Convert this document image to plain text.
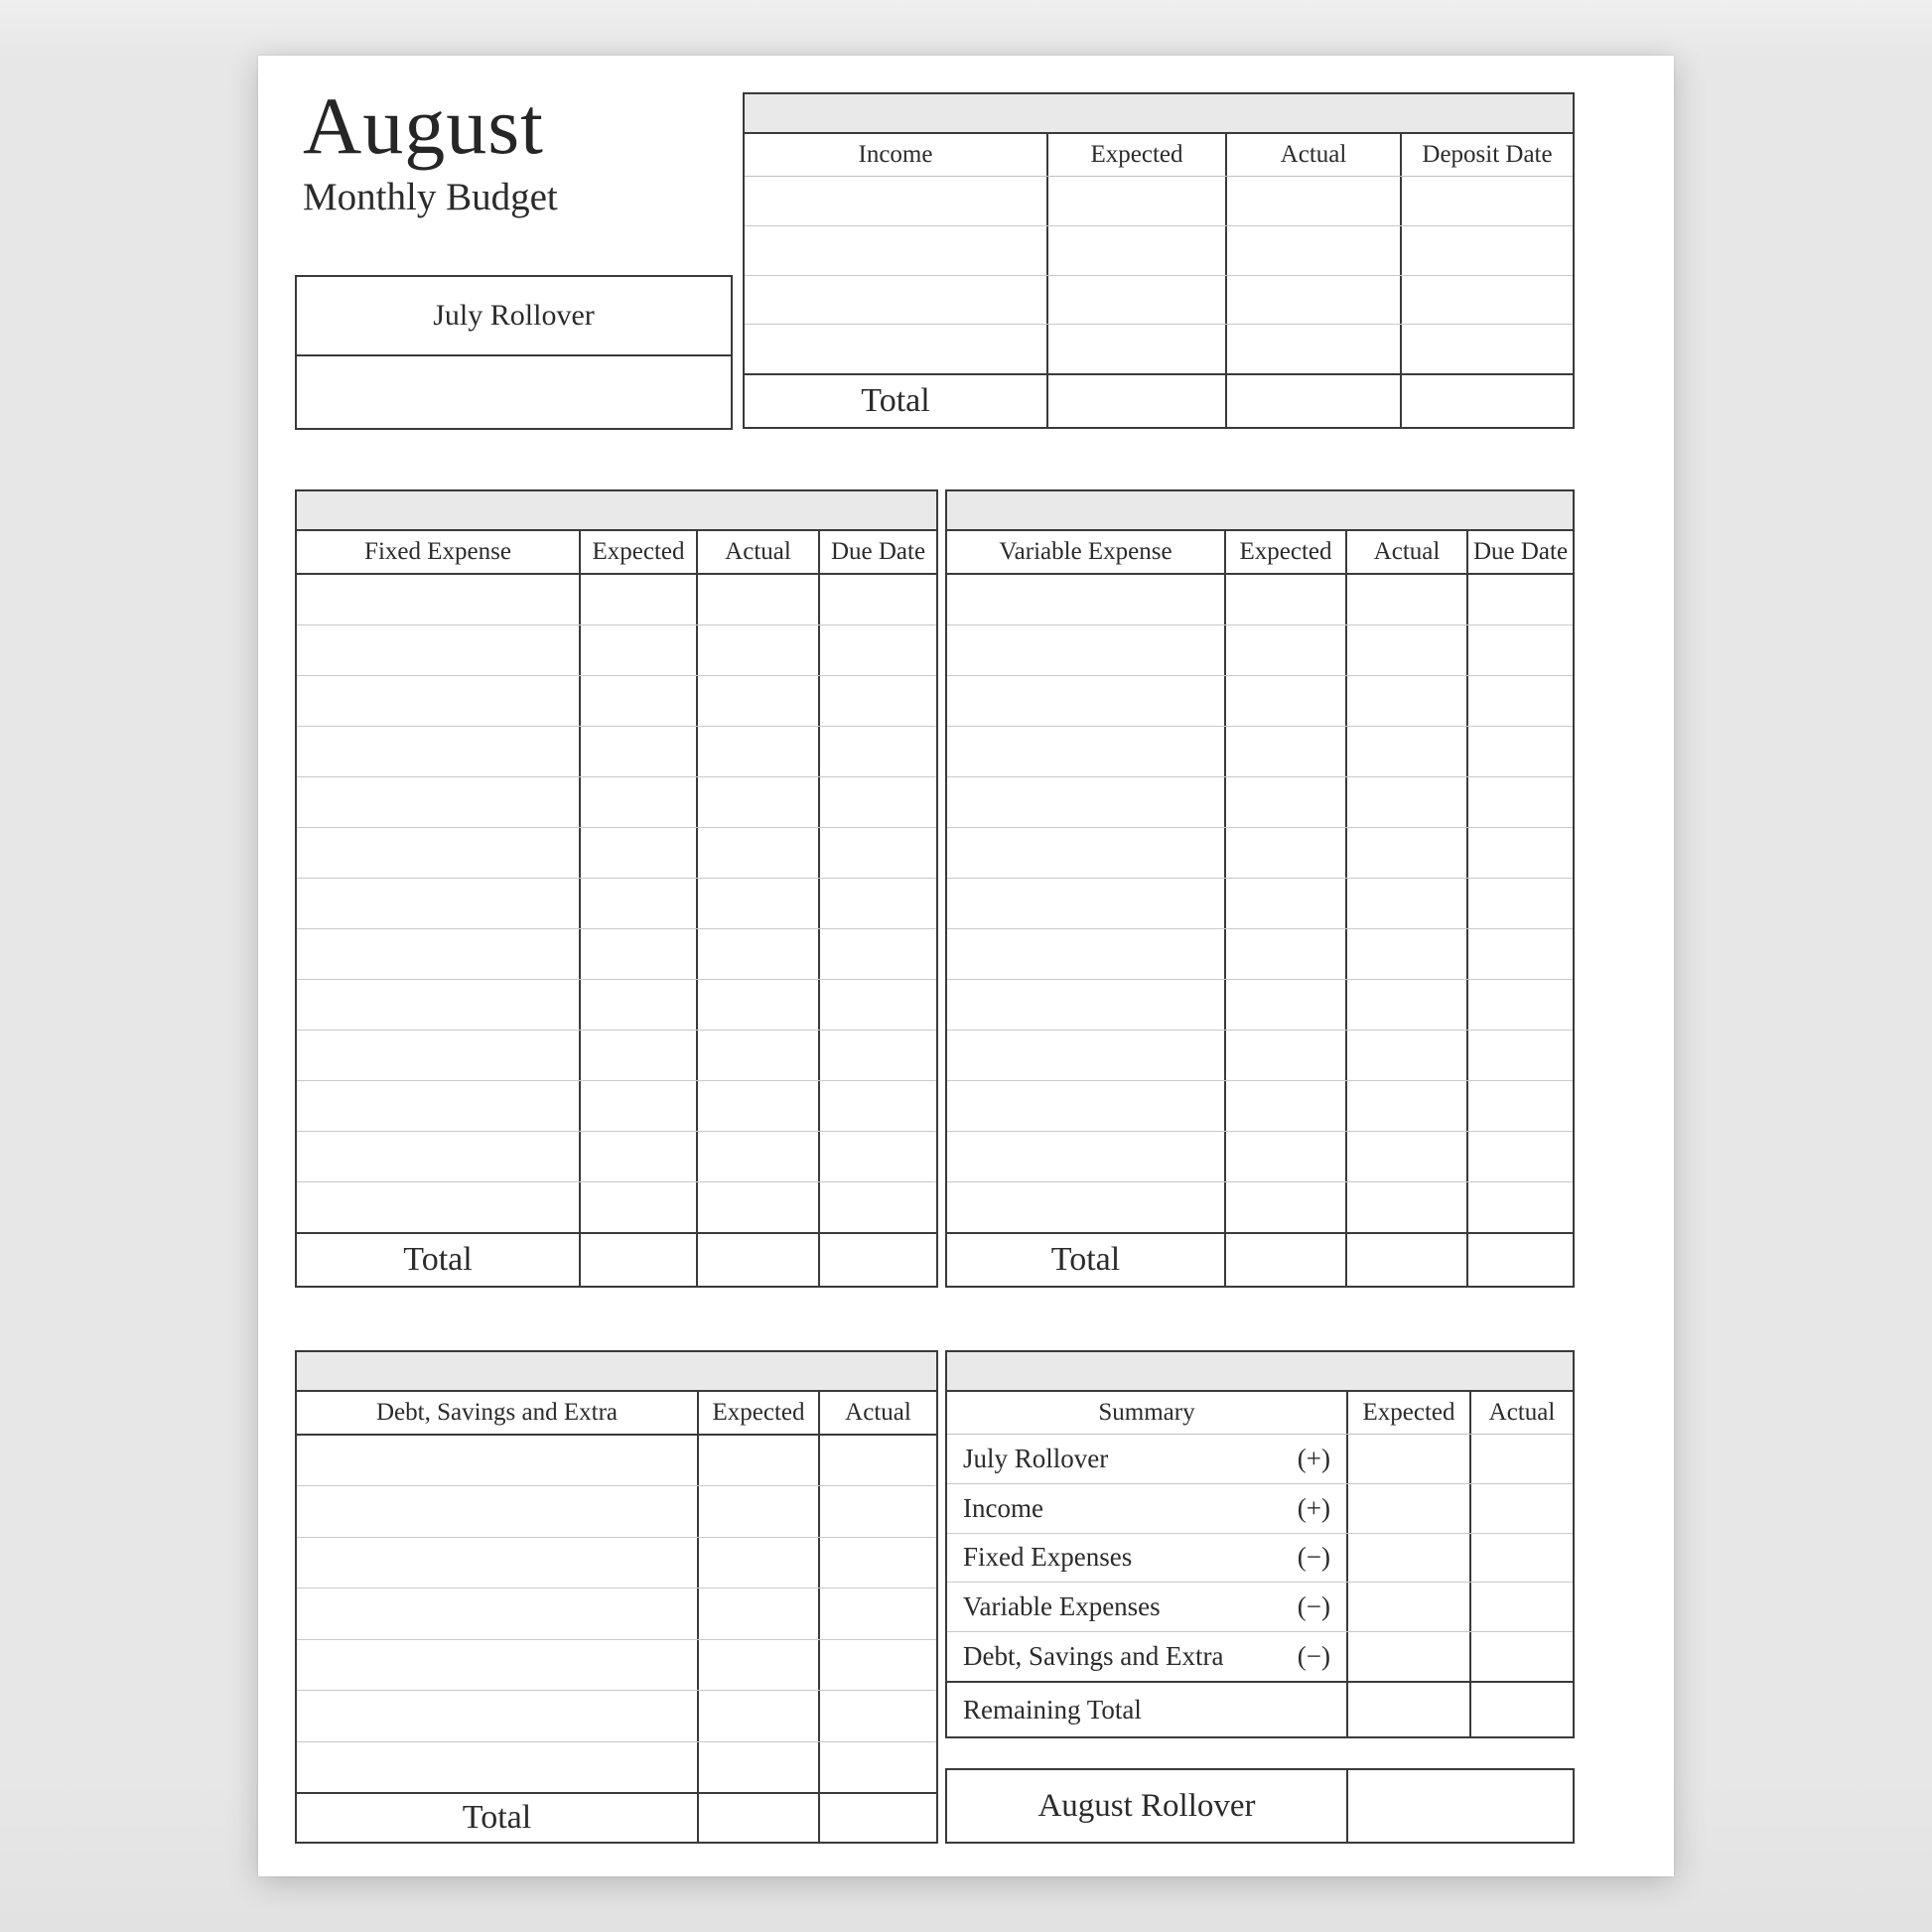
August
Monthly Budget
July Rollover
Income	Expected	Actual	Deposit Date
Total
Fixed Expense	Expected	Actual	Due Date
Total
Variable Expense	Expected	Actual	Due Date
Total
Debt, Savings and Extra	Expected	Actual
Total
Summary	Expected	Actual
July Rollover	(+)
Income	(+)
Fixed Expenses	(−)
Variable Expenses	(−)
Debt, Savings and Extra	(−)
Remaining Total
August Rollover
